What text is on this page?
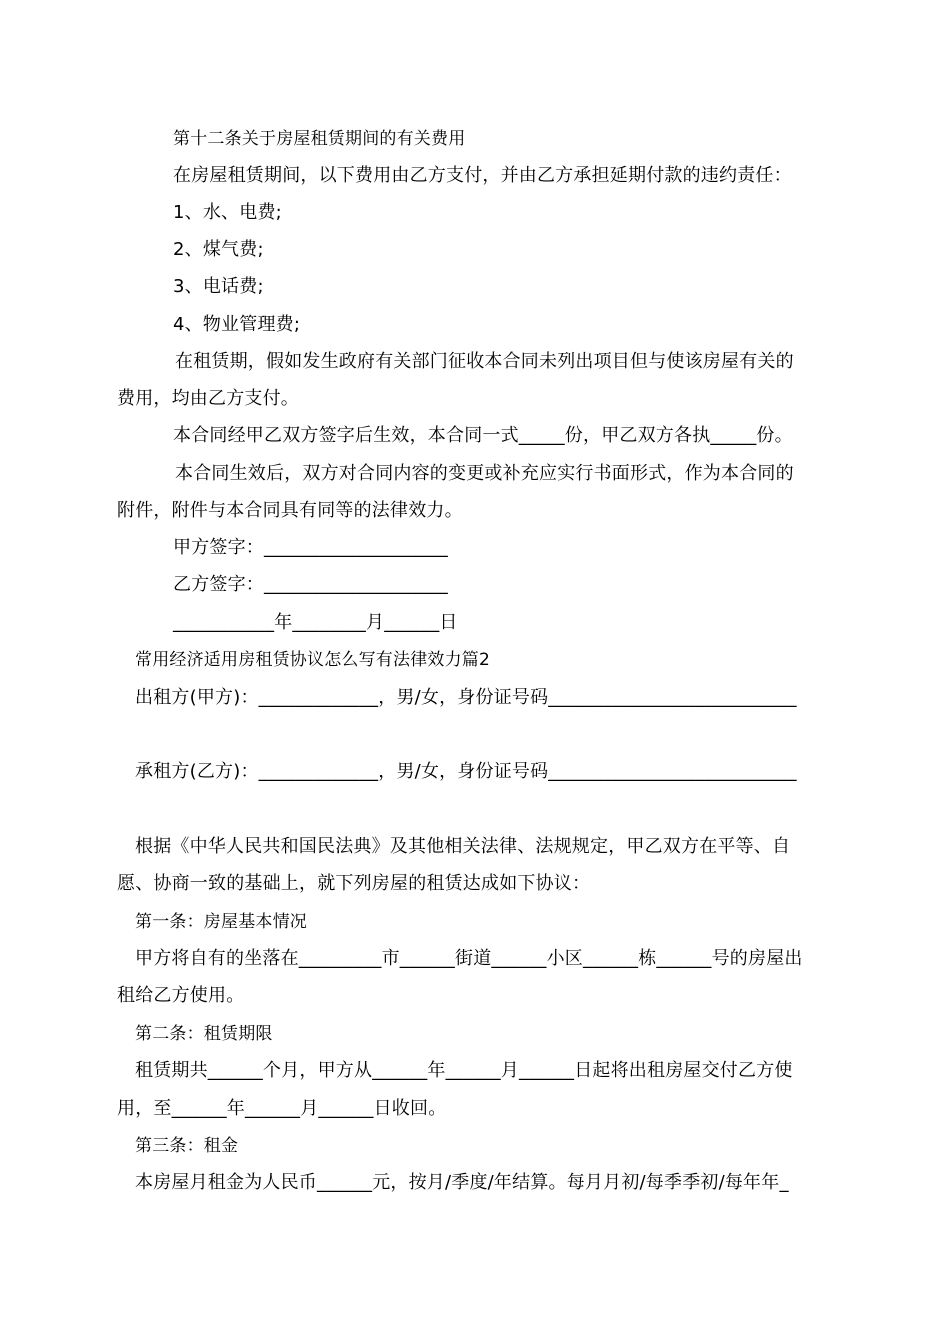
第十二条关于房屋租赁期间的有关费用
在房屋租赁期间，以下费用由乙方支付，并由乙方承担延期付款的违约责任：
1、水、电费;
2、煤气费;
3、电话费;
4、物业管理费;
在租赁期，假如发生政府有关部门征收本合同未列出项目但与使该房屋有关的
费用，均由乙方支付。
本合同经甲乙双方签字后生效，本合同一式_____份，甲乙双方各执_____份。
本合同生效后，双方对合同内容的变更或补充应实行书面形式，作为本合同的
附件，附件与本合同具有同等的法律效力。
甲方签字：____________________
乙方签字：____________________
___________年________月______日
常用经济适用房租赁协议怎么写有法律效力篇2
出租方(甲方)：_____________，男/女，身份证号码___________________________
承租方(乙方)：_____________，男/女，身份证号码___________________________
根据《中华人民共和国民法典》及其他相关法律、法规规定，甲乙双方在平等、自
愿、协商一致的基础上，就下列房屋的租赁达成如下协议：
第一条：房屋基本情况
甲方将自有的坐落在_________市______街道______小区______栋______号的房屋出
租给乙方使用。
第二条：租赁期限
租赁期共______个月，甲方从______年______月______日起将出租房屋交付乙方使
用，至______年______月______日收回。
第三条：租金
本房屋月租金为人民币______元，按月/季度/年结算。每月月初/每季季初/每年年_
